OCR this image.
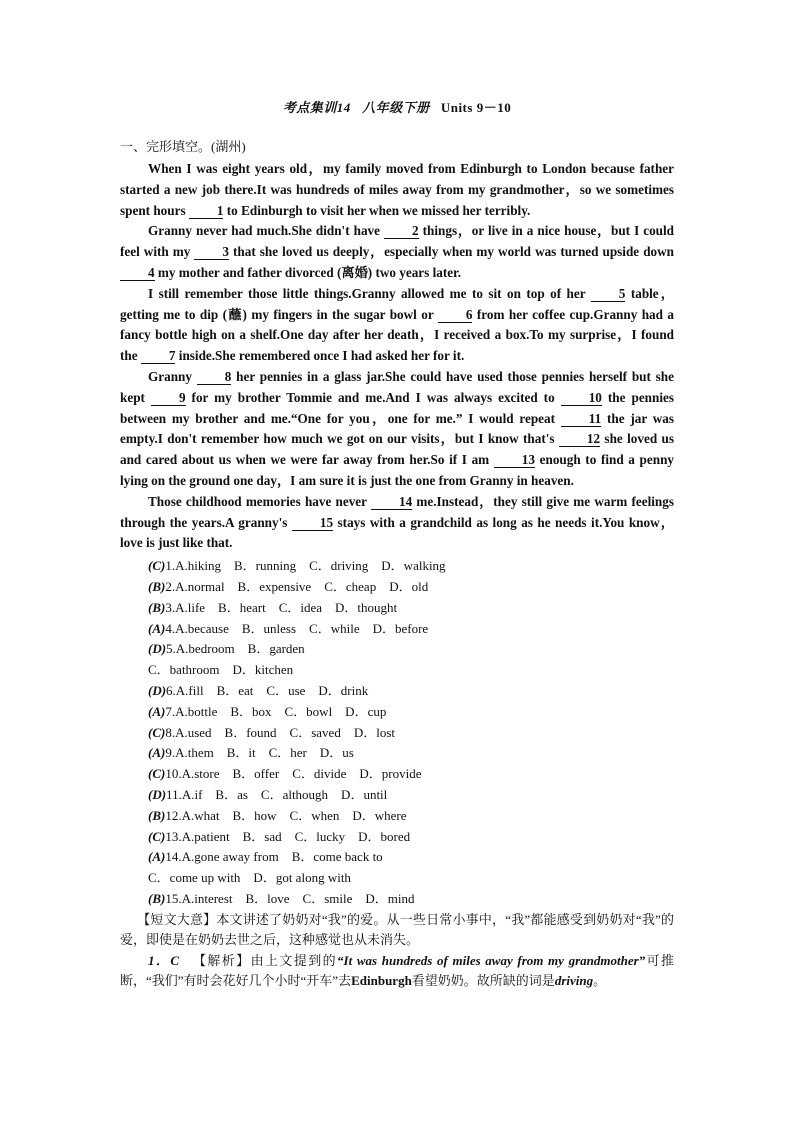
考点集训14 八年级下册 Units 9－10
一、完形填空。(湖州)

When I was eight years old，my family moved from Edinburgh to London because father started a new job there.It was hundreds of miles away from my grandmother，so we sometimes spent hours 1 to Edinburgh to visit her when we missed her terribly.

Granny never had much.She didn't have 2 things，or live in a nice house，but I could feel with my 3 that she loved us deeply，especially when my world was turned upside down 4 my mother and father divorced (离婚) two years later.

I still remember those little things.Granny allowed me to sit on top of her 5 table，getting me to dip (蘸) my fingers in the sugar bowl or 6 from her coffee cup.Granny had a fancy bottle high on a shelf.One day after her death，I received a box.To my surprise，I found the 7 inside.She remembered once I had asked her for it.

Granny 8 her pennies in a glass jar.She could have used those pennies herself but she kept 9 for my brother Tommie and me.And I was always excited to 10 the pennies between my brother and me.“One for you，one for me.” I would repeat 11 the jar was empty.I don't remember how much we got on our visits，but I know that's 12 she loved us and cared about us when we were far away from her.So if I am 13 enough to find a penny lying on the ground one day，I am sure it is just the one from Granny in heaven.

Those childhood memories have never 14 me.Instead，they still give me warm feelings through the years.A granny's 15 stays with a grandchild as long as he needs it.You know，love is just like that.

(C)1.A.hiking　B．running　C．driving　D．walking
(B)2.A.normal　B．expensive　C．cheap　D．old
(B)3.A.life　B．heart　C．idea　D．thought
(A)4.A.because　B．unless　C．while　D．before
(D)5.A.bedroom　B．garden
C．bathroom　D．kitchen
(D)6.A.fill　B．eat　C．use　D．drink
(A)7.A.bottle　B．box　C．bowl　D．cup
(C)8.A.used　B．found　C．saved　D．lost
(A)9.A.them　B．it　C．her　D．us
(C)10.A.store　B．offer　C．divide　D．provide
(D)11.A.if　B．as　C．although　D．until
(B)12.A.what　B．how　C．when　D．where
(C)13.A.patient　B．sad　C．lucky　D．bored
(A)14.A.gone away from　B．come back to
C．come up with　D．got along with
(B)15.A.interest　B．love　C．smile　D．mind

【短文大意】本文讲述了奶奶对“我”的爱。从一些日常小事中，“我”都能感受到奶奶对“我”的爱，即使是在奶奶去世之后，这种感觉也从未消失。

1．C 【解析】由上文提到的“It was hundreds of miles away from my grandmother”可推断，“我们”有时会花好几个小时“开车”去Edinburgh看望奶奶。故所缺的词是driving。
